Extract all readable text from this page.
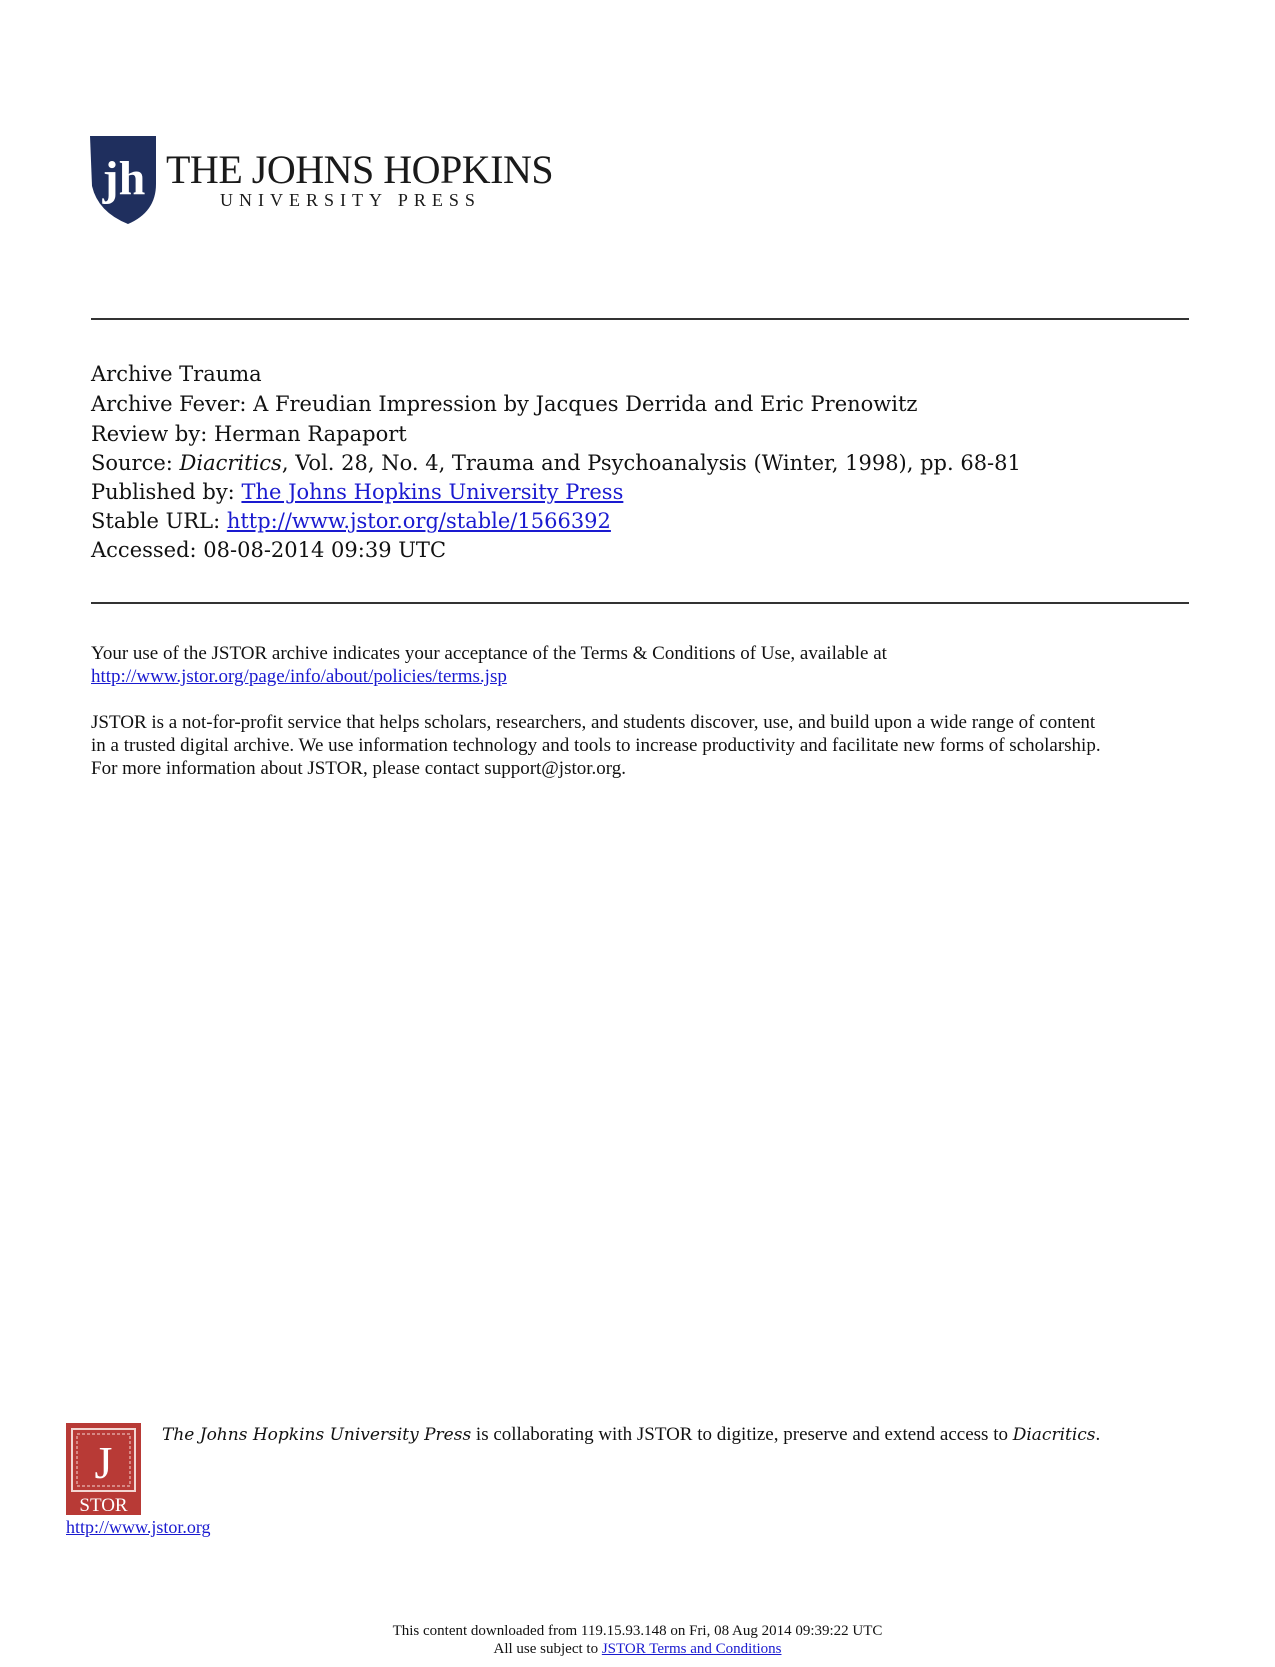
jh THE JOHNS HOPKINS
UNIVERSITY PRESS
Archive Trauma
Archive Fever: A Freudian Impression by Jacques Derrida and Eric Prenowitz
Review by: Herman Rapaport
Source: Diacritics, Vol. 28, No. 4, Trauma and Psychoanalysis (Winter, 1998), pp. 68-81
Published by: The Johns Hopkins University Press
Stable URL: http://www.jstor.org/stable/1566392
Accessed: 08-08-2014 09:39 UTC

Your use of the JSTOR archive indicates your acceptance of the Terms & Conditions of Use, available at

http://www.jstor.org/page/info/about/policies/terms.jsp

JSTOR is a not-for-profit service that helps scholars, researchers, and students discover, use, and build upon a wide range of content

in a trusted digital archive. We use information technology and tools to increase productivity and facilitate new forms of scholarship.

For more information about JSTOR, please contact support@jstor.org.

J
STOR
The Johns Hopkins University Press is collaborating with JSTOR to digitize, preserve and extend access to Diacritics.
http://www.jstor.org
This content downloaded from 119.15.93.148 on Fri, 08 Aug 2014 09:39:22 UTC
All use subject to JSTOR Terms and Conditions
